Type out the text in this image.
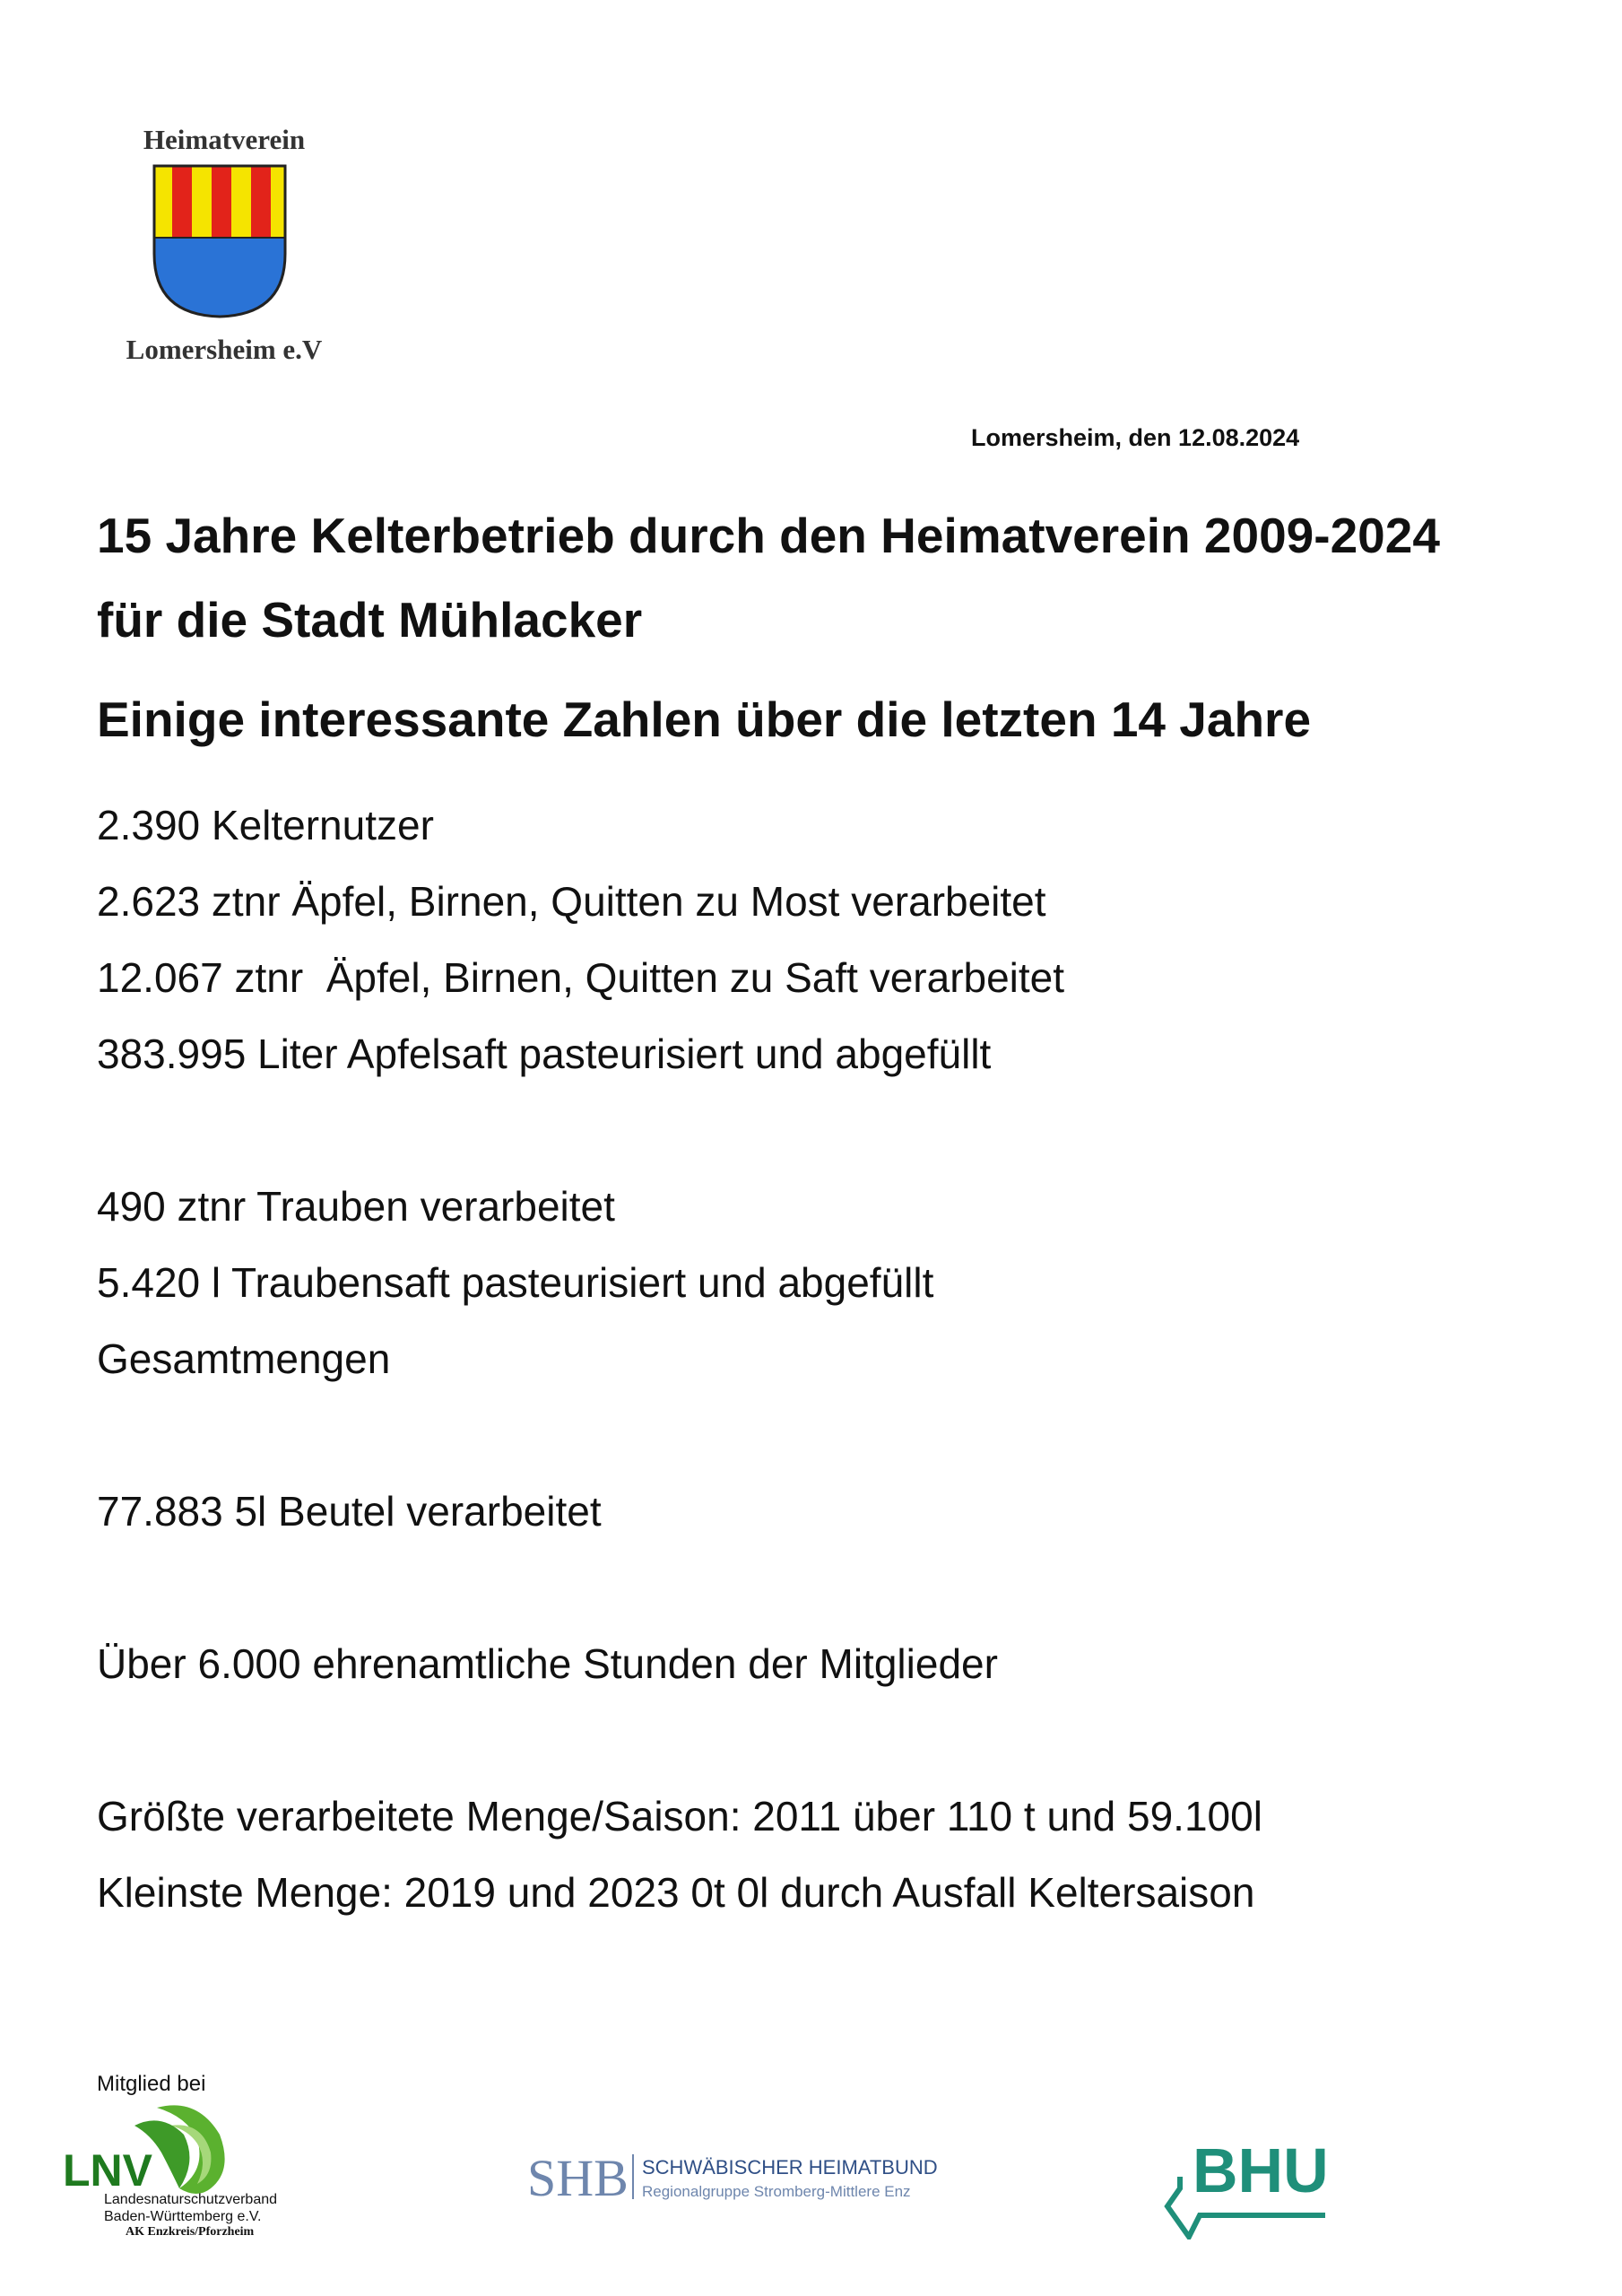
Heimatverein
Lomersheim e.V
Lomersheim, den 12.08.2024
15 Jahre Kelterbetrieb durch den Heimatverein 2009-2024 für die Stadt Mühlacker
Einige interessante Zahlen über die letzten 14 Jahre
2.390 Kelternutzer
2.623 ztnr Äpfel, Birnen, Quitten zu Most verarbeitet
12.067 ztnr  Äpfel, Birnen, Quitten zu Saft verarbeitet
383.995 Liter Apfelsaft pasteurisiert und abgefüllt
490 ztnr Trauben verarbeitet
5.420 l Traubensaft pasteurisiert und abgefüllt
Gesamtmengen
77.883 5l Beutel verarbeitet
Über 6.000 ehrenamtliche Stunden der Mitglieder
Größte verarbeitete Menge/Saison: 2011 über 110 t und 59.100l
Kleinste Menge: 2019 und 2023 0t 0l durch Ausfall Keltersaison
Mitglied bei
LNV
Landesnaturschutzverband
Baden-Württemberg e.V.
AK Enzkreis/Pforzheim
SHB SCHWÄBISCHER HEIMATBUND
Regionalgruppe Stromberg-Mittlere Enz	BHU
